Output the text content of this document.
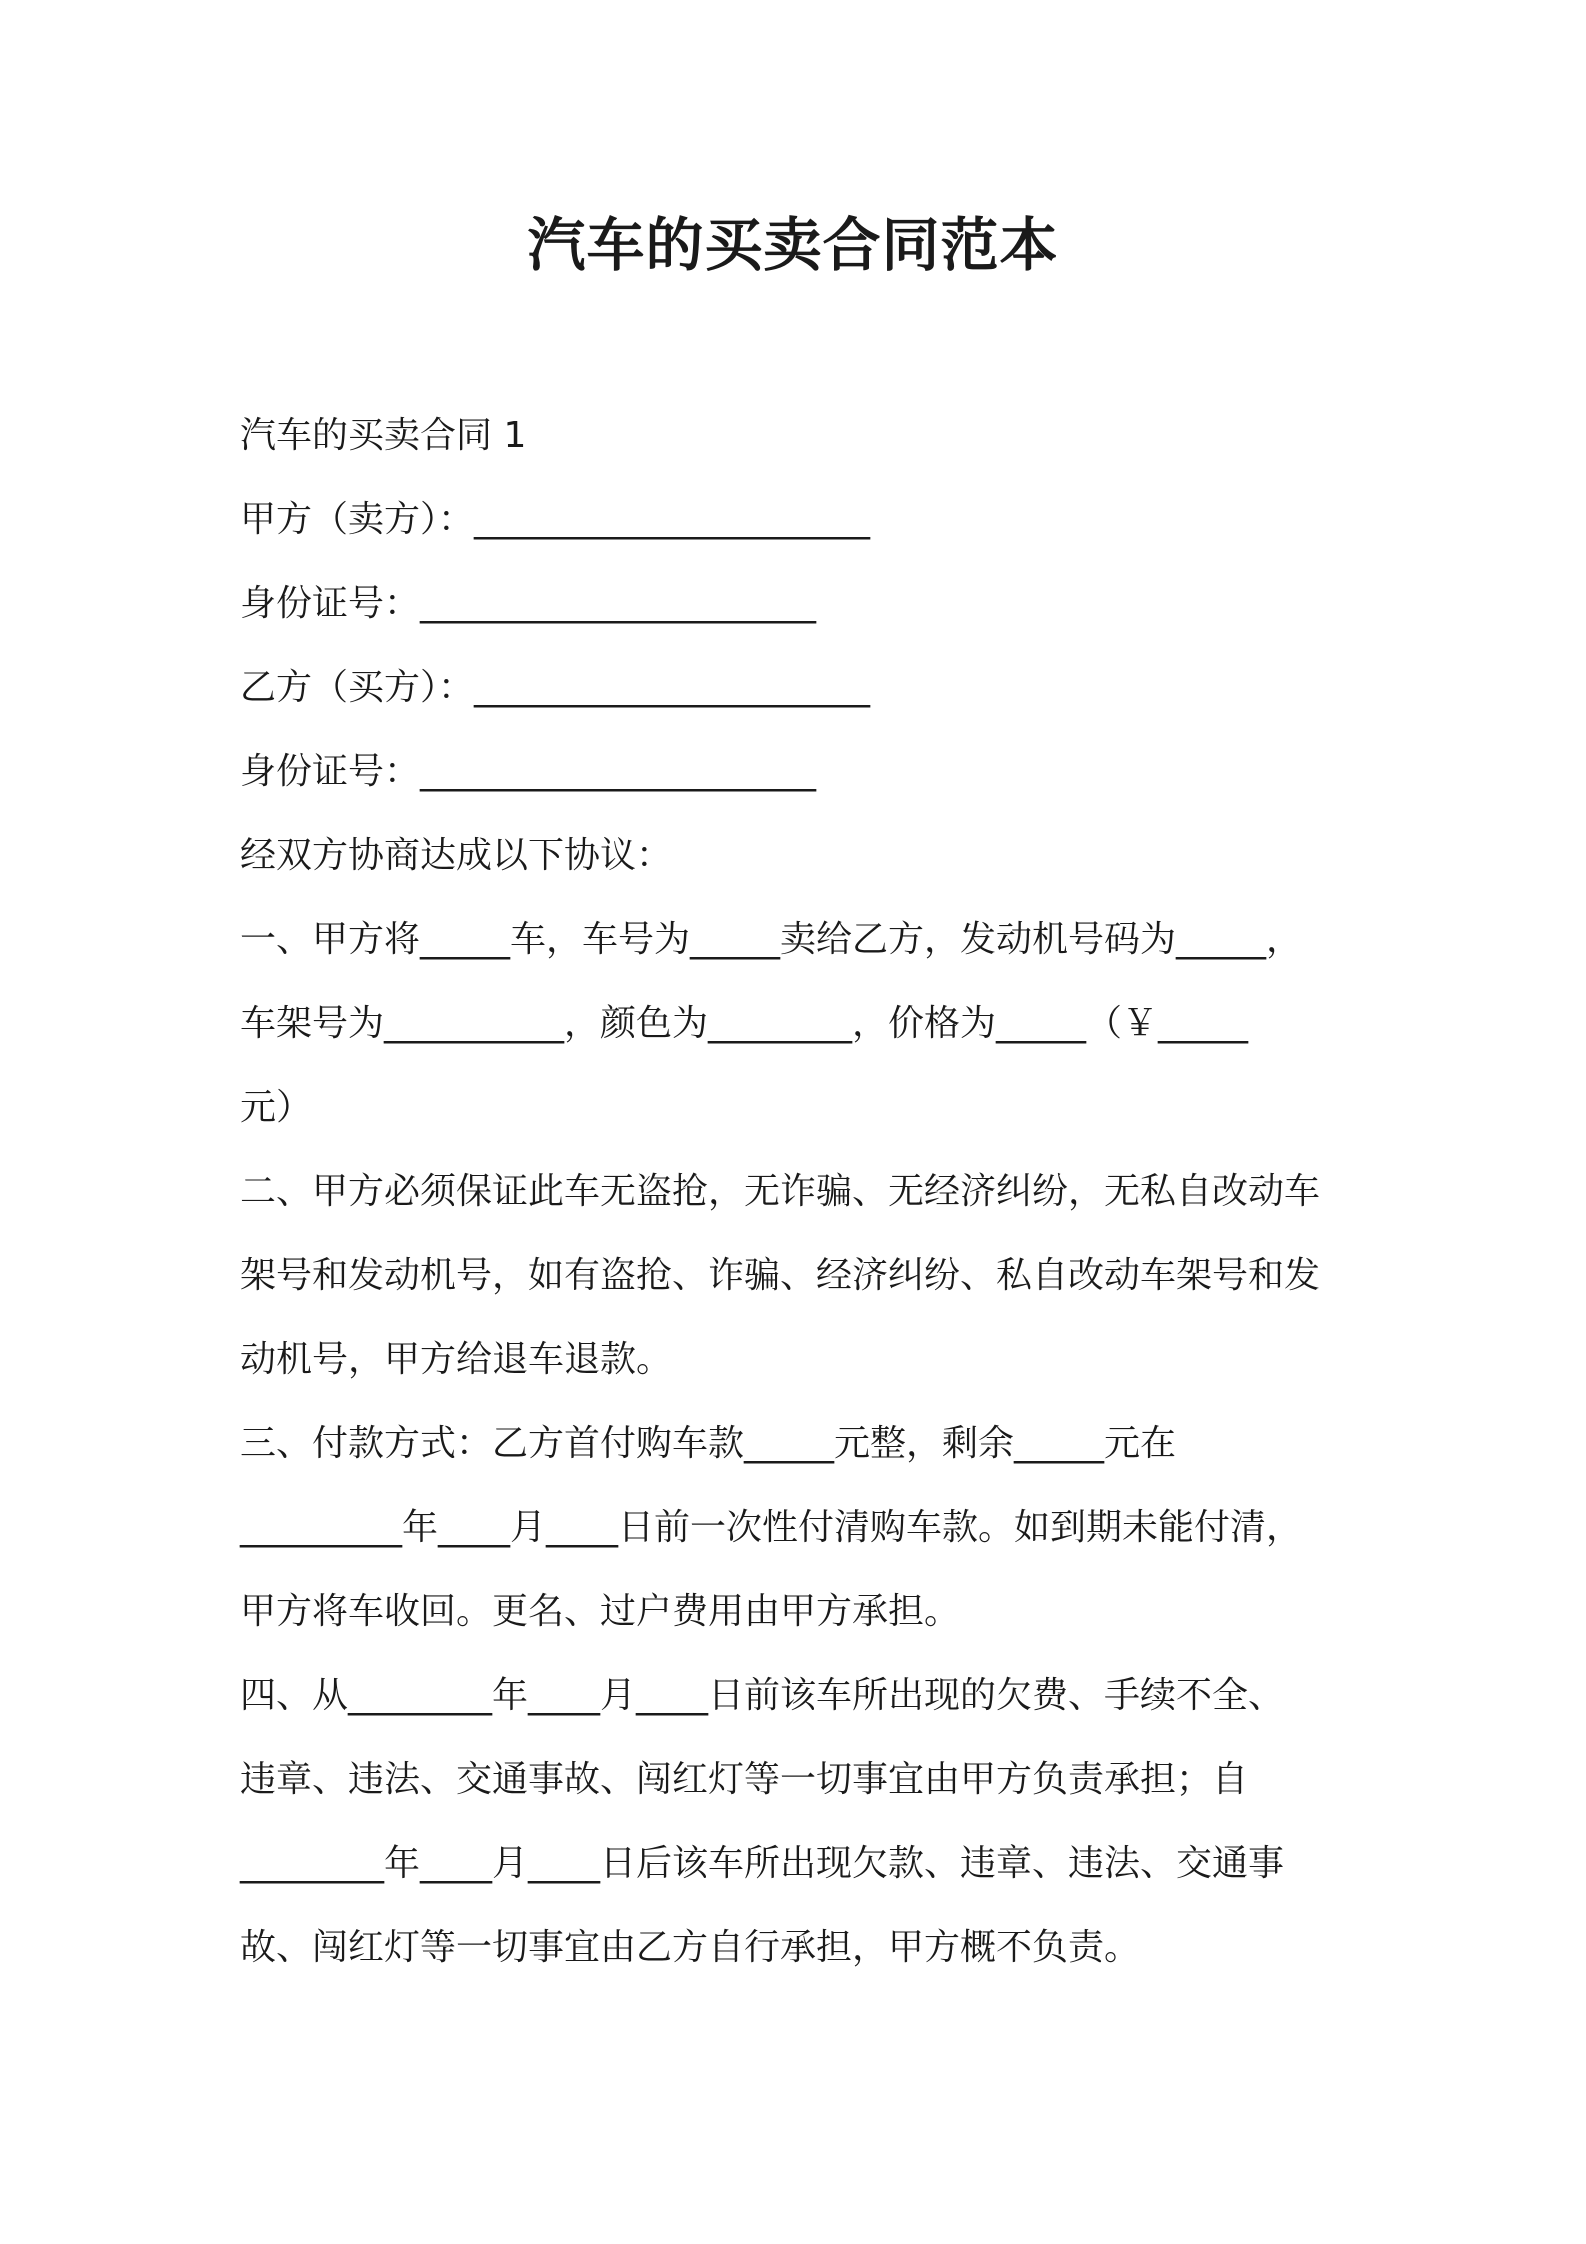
汽车的买卖合同范本
汽车的买卖合同 1
甲方（卖方）：______________________
身份证号：______________________
乙方（买方）：______________________
身份证号：______________________
经双方协商达成以下协议：
一、甲方将_____车，车号为_____卖给乙方，发动机号码为_____，
车架号为__________，颜色为________，价格为_____（￥_____
元）
二、甲方必须保证此车无盗抢，无诈骗、无经济纠纷，无私自改动车
架号和发动机号，如有盗抢、诈骗、经济纠纷、私自改动车架号和发
动机号，甲方给退车退款。
三、付款方式：乙方首付购车款_____元整，剩余_____元在
_________年____月____日前一次性付清购车款。如到期未能付清，
甲方将车收回。更名、过户费用由甲方承担。
四、从________年____月____日前该车所出现的欠费、手续不全、
违章、违法、交通事故、闯红灯等一切事宜由甲方负责承担；自
________年____月____日后该车所出现欠款、违章、违法、交通事
故、闯红灯等一切事宜由乙方自行承担，甲方概不负责。
